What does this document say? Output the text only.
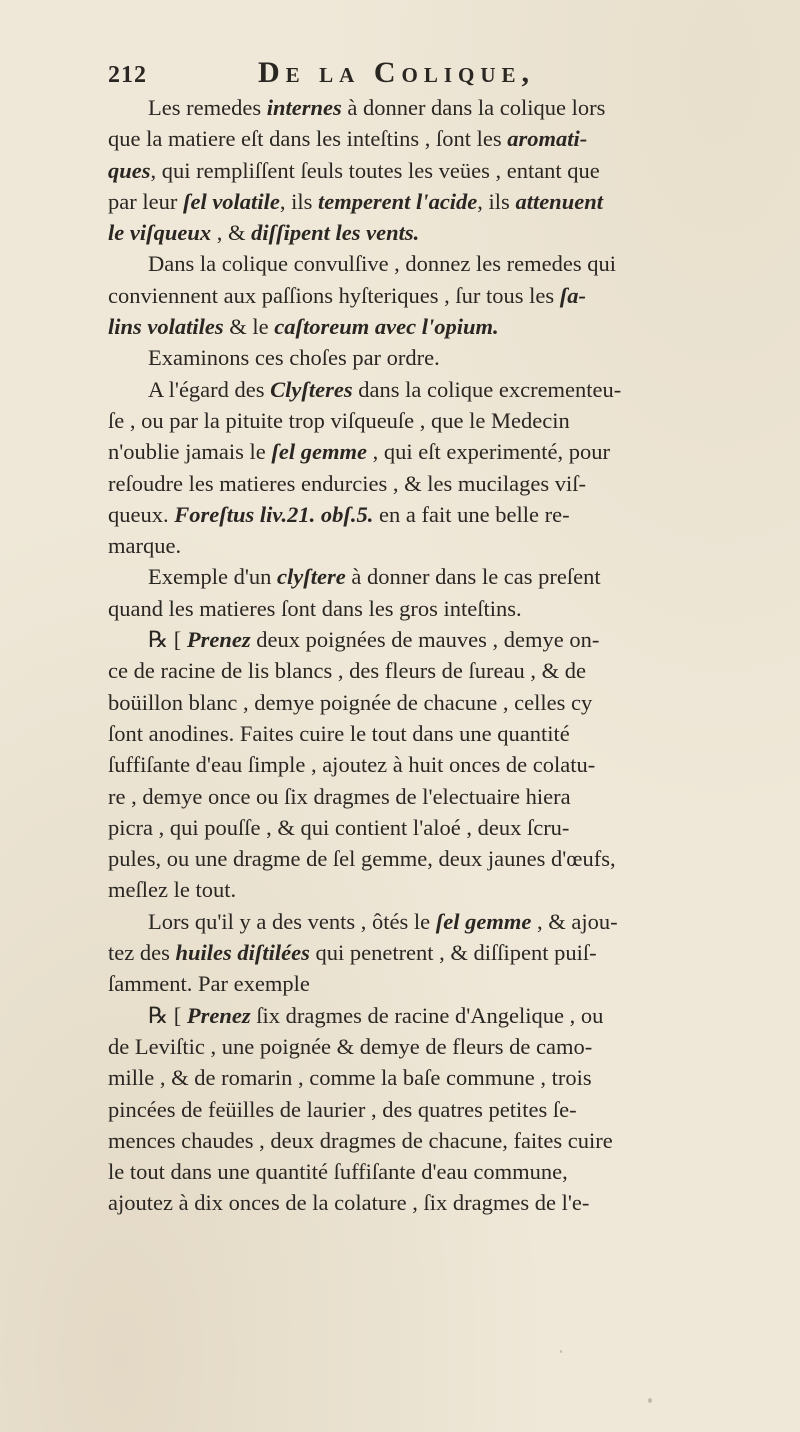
212	De la Colique,
Les remedes internes à donner dans la colique lors
que la matiere eſt dans les inteſtins , ſont les aromati-
ques, qui rempliſſent ſeuls toutes les veües , entant que
par leur ſel volatile, ils temperent l'acide, ils attenuent
le viſqueux , & diſſipent les vents.
Dans la colique convulſive , donnez les remedes qui
conviennent aux paſſions hyſteriques , ſur tous les ſa-
lins volatiles & le caſtoreum avec l'opium.
Examinons ces choſes par ordre.
A l'égard des Clyſteres dans la colique excrementeu-
ſe , ou par la pituite trop viſqueuſe , que le Medecin
n'oublie jamais le ſel gemme , qui eſt experimenté, pour
reſoudre les matieres endurcies , & les mucilages viſ-
queux. Foreſtus liv.21. obſ.5. en a fait une belle re-
marque.
Exemple d'un clyſtere à donner dans le cas preſent
quand les matieres ſont dans les gros inteſtins.
℞ [ Prenez deux poignées de mauves , demye on-
ce de racine de lis blancs , des fleurs de ſureau , & de
boüillon blanc , demye poignée de chacune , celles cy
ſont anodines. Faites cuire le tout dans une quantité
ſuffiſante d'eau ſimple , ajoutez à huit onces de colatu-
re , demye once ou ſix dragmes de l'electuaire hiera
picra , qui pouſſe , & qui contient l'aloé , deux ſcru-
pules, ou une dragme de ſel gemme, deux jaunes d'œufs,
meſlez le tout.
Lors qu'il y a des vents , ôtés le ſel gemme , & ajou-
tez des huiles diſtilées qui penetrent , & diſſipent puiſ-
ſamment. Par exemple
℞ [ Prenez ſix dragmes de racine d'Angelique , ou
de Leviſtic , une poignée & demye de fleurs de camo-
mille , & de romarin , comme la baſe commune , trois
pincées de feüilles de laurier , des quatres petites ſe-
mences chaudes , deux dragmes de chacune, faites cuire
le tout dans une quantité ſuffiſante d'eau commune,
ajoutez à dix onces de la colature , ſix dragmes de l'e-
